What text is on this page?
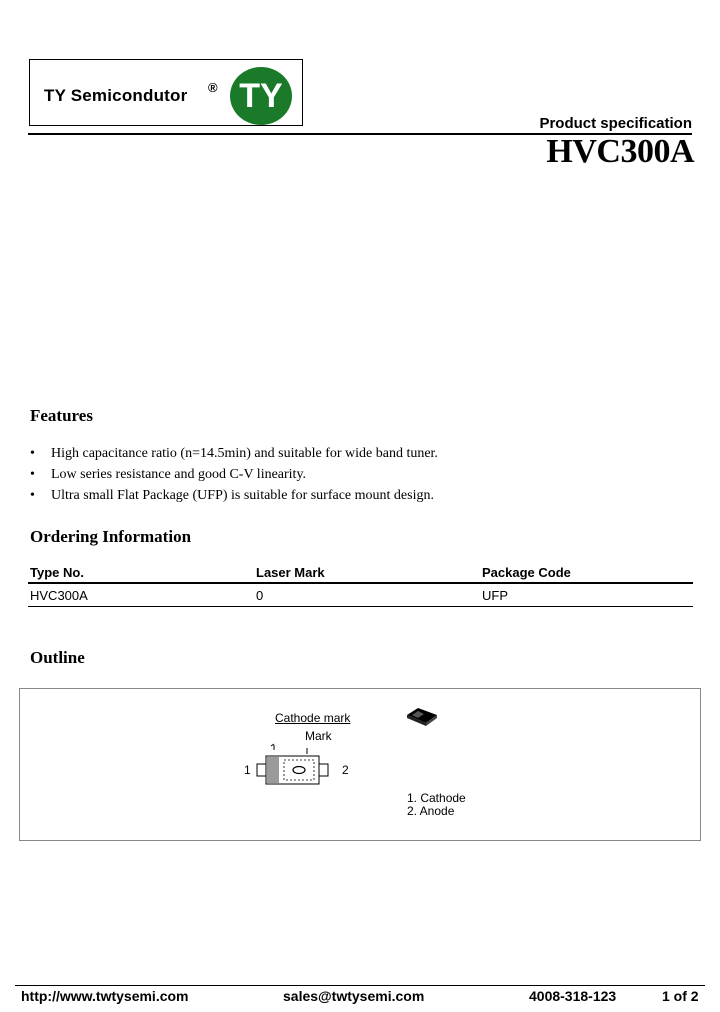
TY Semicondutor ® TY
Product specification
HVC300A
Features
• High capacitance ratio (n=14.5min) and suitable for wide band tuner.
• Low series resistance and good C-V linearity.
• Ultra small Flat Package (UFP) is suitable for surface mount design.
Ordering Information
Type No.	Laser Mark	Package Code
HVC300A	0	UFP
Outline
Cathode mark
Mark
1	2
1. Cathode
2. Anode
http://www.twtysemi.com	sales@twtysemi.com	4008-318-123	1 of 2
